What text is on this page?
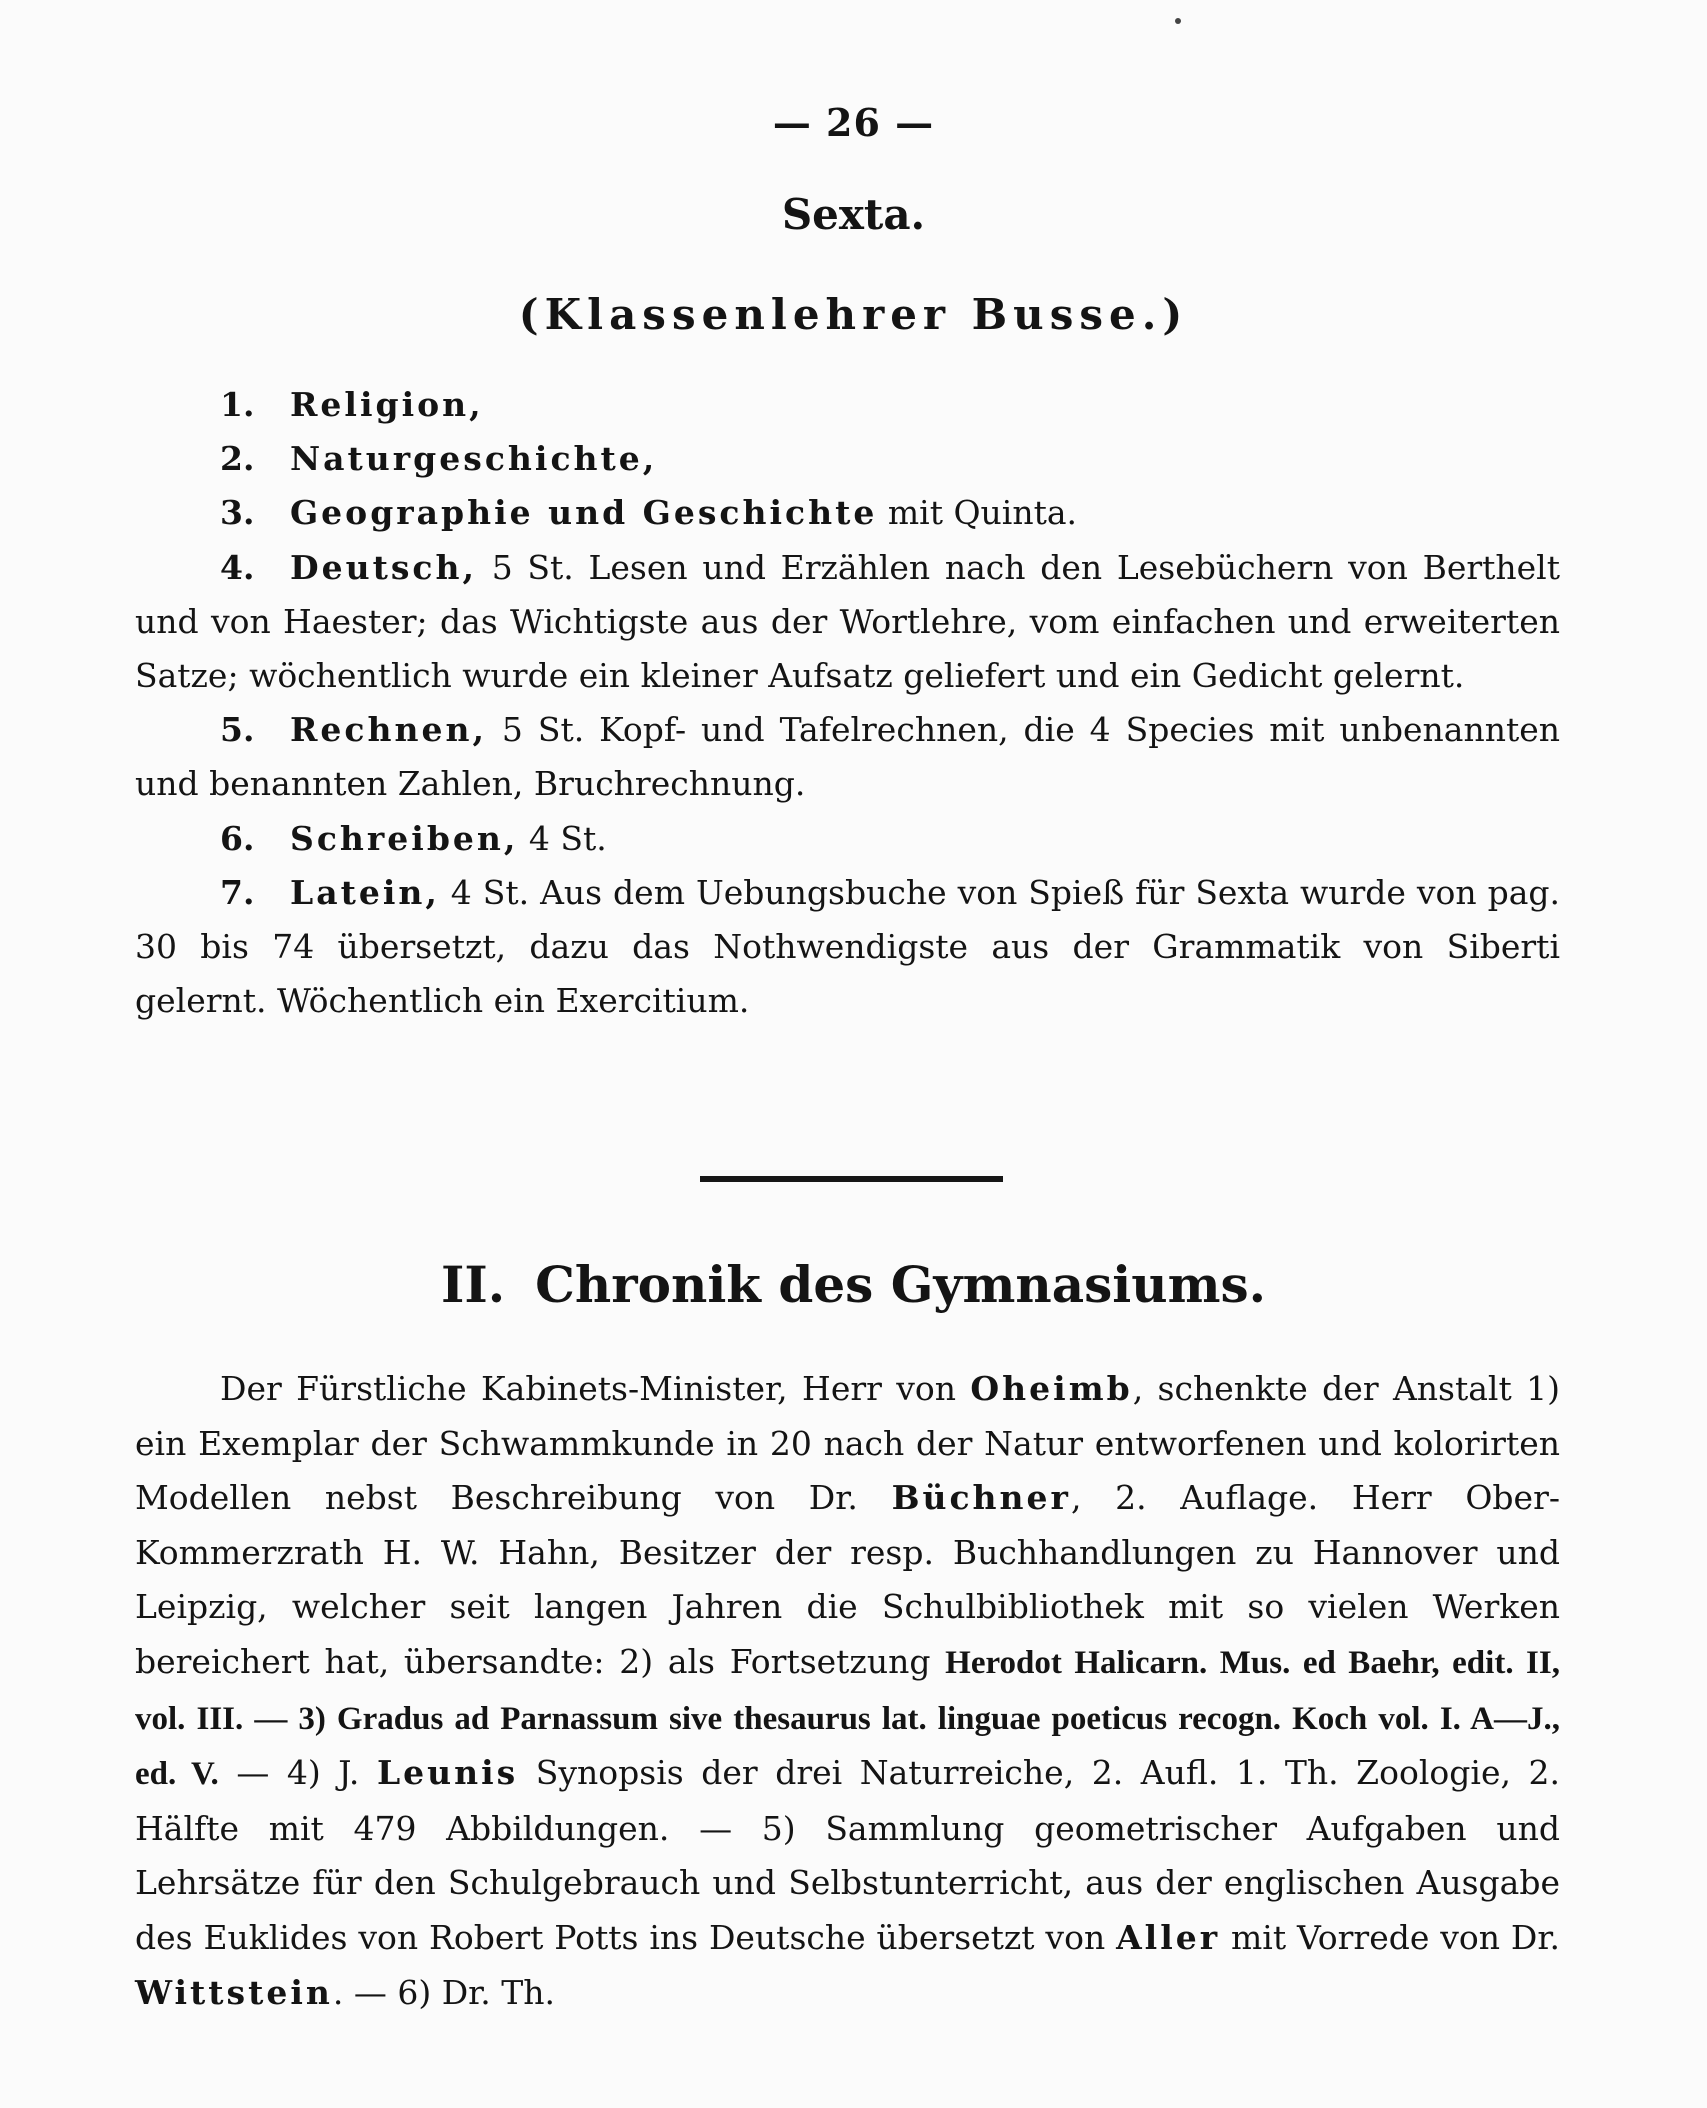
— 26 —
Sexta.
(Klassenlehrer Busse.)

1. Religion,

2. Naturgeschichte,

3. Geographie und Geschichte mit Quinta.

4. Deutsch, 5 St. Lesen und Erzählen nach den Lesebüchern von Berthelt und von Haester; das Wichtigste aus der Wortlehre, vom einfachen und erweiterten Satze; wöchentlich wurde ein kleiner Aufsatz geliefert und ein Gedicht gelernt.

5. Rechnen, 5 St. Kopf- und Tafelrechnen, die 4 Species mit unbenannten und benannten Zahlen, Bruchrechnung.

6. Schreiben, 4 St.

7. Latein, 4 St. Aus dem Uebungsbuche von Spieß für Sexta wurde von pag. 30 bis 74 übersetzt, dazu das Nothwendigste aus der Grammatik von Siberti gelernt. Wöchentlich ein Exercitium.

II. Chronik des Gymnasiums.

Der Fürstliche Kabinets-Minister, Herr von Oheimb, schenkte der Anstalt 1) ein Exemplar der Schwammkunde in 20 nach der Natur entworfenen und kolorirten Modellen nebst Beschreibung von Dr. Büchner, 2. Auflage. Herr Ober-Kommerzrath H. W. Hahn, Besitzer der resp. Buchhandlungen zu Hannover und Leipzig, welcher seit langen Jahren die Schulbibliothek mit so vielen Werken bereichert hat, übersandte: 2) als Fortsetzung Herodot Halicarn. Mus. ed Baehr, edit. II, vol. III. — 3) Gradus ad Parnassum sive thesaurus lat. linguae poeticus recogn. Koch vol. I. A—J., ed. V. — 4) J. Leunis Synopsis der drei Naturreiche, 2. Aufl. 1. Th. Zoologie, 2. Hälfte mit 479 Abbildungen. — 5) Sammlung geometrischer Aufgaben und Lehrsätze für den Schulgebrauch und Selbstunterricht, aus der englischen Ausgabe des Euklides von Robert Potts ins Deutsche übersetzt von Aller mit Vorrede von Dr. Wittstein. — 6) Dr. Th.
